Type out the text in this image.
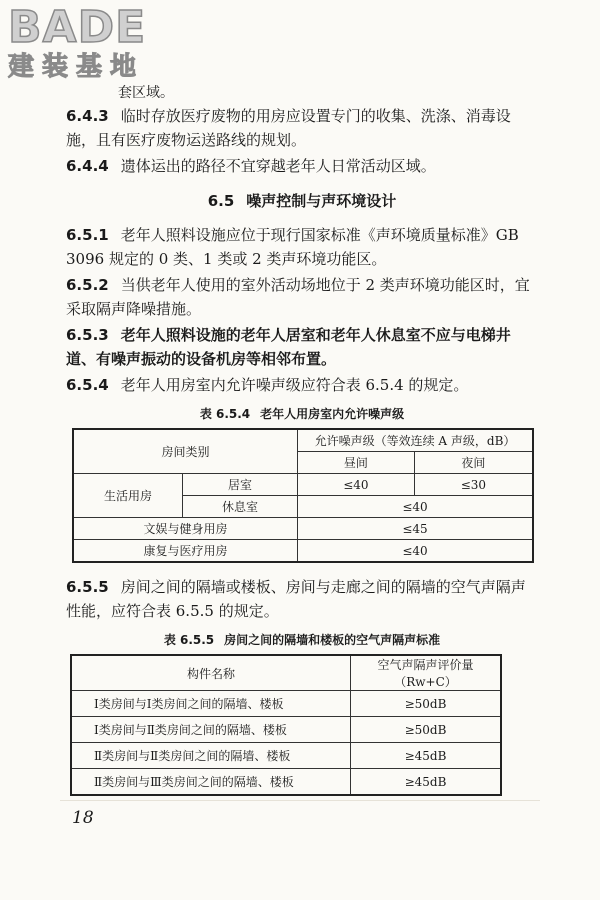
BADE
建装基地
套区域。

6.4.3 临时存放医疗废物的用房应设置专门的收集、洗涤、消毒设施，且有医疗废物运送路线的规划。

6.4.4 遗体运出的路径不宜穿越老年人日常活动区域。

6.5 噪声控制与声环境设计

6.5.1 老年人照料设施应位于现行国家标准《声环境质量标准》GB 3096 规定的 0 类、1 类或 2 类声环境功能区。

6.5.2 当供老年人使用的室外活动场地位于 2 类声环境功能区时，宜采取隔声降噪措施。

6.5.3 老年人照料设施的老年人居室和老年人休息室不应与电梯井道、有噪声振动的设备机房等相邻布置。

6.5.4 老年人用房室内允许噪声级应符合表 6.5.4 的规定。

表 6.5.4 老年人用房室内允许噪声级
房间类别		允许噪声级（等效连续 A 声级，dB）	
		昼间	夜间
生活用房	居室	≤40	≤30
	休息室	≤40	
文娱与健身用房		≤45	
康复与医疗用房		≤40	

6.5.5 房间之间的隔墙或楼板、房间与走廊之间的隔墙的空气声隔声性能，应符合表 6.5.5 的规定。

表 6.5.5 房间之间的隔墙和楼板的空气声隔声标准
构件名称	空气声隔声评价量（Rw+C）
Ⅰ类房间与Ⅰ类房间之间的隔墙、楼板	≥50dB
Ⅰ类房间与Ⅱ类房间之间的隔墙、楼板	≥50dB
Ⅱ类房间与Ⅱ类房间之间的隔墙、楼板	≥45dB
Ⅱ类房间与Ⅲ类房间之间的隔墙、楼板	≥45dB
18
